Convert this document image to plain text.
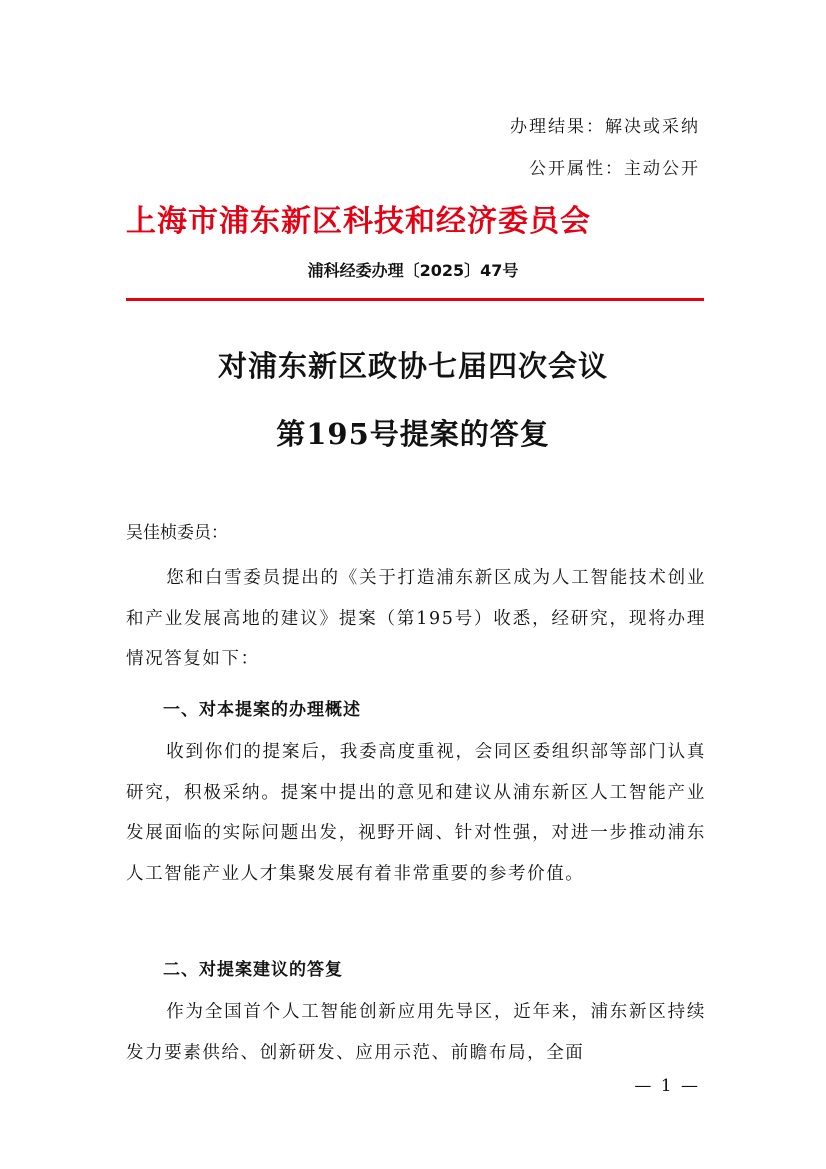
办理结果：解决或采纳
公开属性：主动公开
上海市浦东新区科技和经济委员会
浦科经委办理〔2025〕47号
对浦东新区政协七届四次会议
第195号提案的答复
吴佳桢委员：

您和白雪委员提出的《关于打造浦东新区成为人工智能技术创业和产业发展高地的建议》提案（第195号）收悉，经研究，现将办理情况答复如下：

一、对本提案的办理概述

收到你们的提案后，我委高度重视，会同区委组织部等部门认真研究，积极采纳。提案中提出的意见和建议从浦东新区人工智能产业发展面临的实际问题出发，视野开阔、针对性强，对进一步推动浦东人工智能产业人才集聚发展有着非常重要的参考价值。

二、对提案建议的答复

作为全国首个人工智能创新应用先导区，近年来，浦东新区持续发力要素供给、创新研发、应用示范、前瞻布局，全面

— 1 —
